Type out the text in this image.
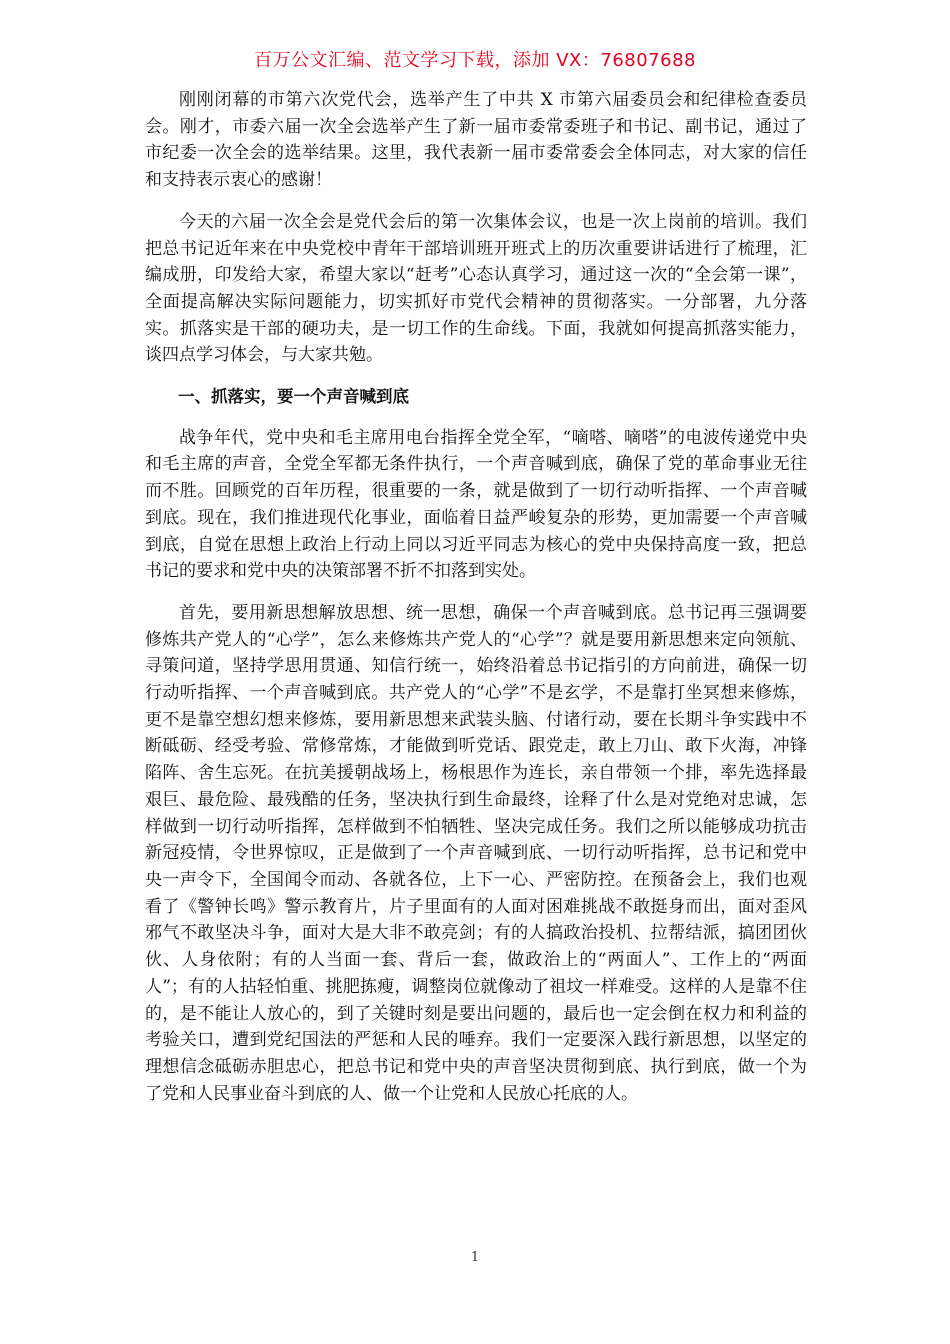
百万公文汇编、范文学习下载，添加 VX：76807688

刚刚闭幕的市第六次党代会，选举产生了中共 X 市第六届委员会和纪律检查委员会。刚才，市委六届一次全会选举产生了新一届市委常委班子和书记、副书记，通过了市纪委一次全会的选举结果。这里，我代表新一届市委常委会全体同志，对大家的信任和支持表示衷心的感谢！

今天的六届一次全会是党代会后的第一次集体会议，也是一次上岗前的培训。我们把总书记近年来在中央党校中青年干部培训班开班式上的历次重要讲话进行了梳理，汇编成册，印发给大家，希望大家以“赶考”心态认真学习，通过这一次的“全会第一课”，全面提高解决实际问题能力，切实抓好市党代会精神的贯彻落实。一分部署，九分落实。抓落实是干部的硬功夫，是一切工作的生命线。下面，我就如何提高抓落实能力，谈四点学习体会，与大家共勉。

一、抓落实，要一个声音喊到底

战争年代，党中央和毛主席用电台指挥全党全军，“嘀嗒、嘀嗒”的电波传递党中央和毛主席的声音，全党全军都无条件执行，一个声音喊到底，确保了党的革命事业无往而不胜。回顾党的百年历程，很重要的一条，就是做到了一切行动听指挥、一个声音喊到底。现在，我们推进现代化事业，面临着日益严峻复杂的形势，更加需要一个声音喊到底，自觉在思想上政治上行动上同以习近平同志为核心的党中央保持高度一致，把总书记的要求和党中央的决策部署不折不扣落到实处。

首先，要用新思想解放思想、统一思想，确保一个声音喊到底。总书记再三强调要修炼共产党人的“心学”，怎么来修炼共产党人的“心学”？就是要用新思想来定向领航、寻策问道，坚持学思用贯通、知信行统一，始终沿着总书记指引的方向前进，确保一切行动听指挥、一个声音喊到底。共产党人的“心学”不是玄学，不是靠打坐冥想来修炼，更不是靠空想幻想来修炼，要用新思想来武装头脑、付诸行动，要在长期斗争实践中不断砥砺、经受考验、常修常炼，才能做到听党话、跟党走，敢上刀山、敢下火海，冲锋陷阵、舍生忘死。在抗美援朝战场上，杨根思作为连长，亲自带领一个排，率先选择最艰巨、最危险、最残酷的任务，坚决执行到生命最终，诠释了什么是对党绝对忠诚，怎样做到一切行动听指挥，怎样做到不怕牺牲、坚决完成任务。我们之所以能够成功抗击新冠疫情，令世界惊叹，正是做到了一个声音喊到底、一切行动听指挥，总书记和党中央一声令下，全国闻令而动、各就各位，上下一心、严密防控。在预备会上，我们也观看了《警钟长鸣》警示教育片，片子里面有的人面对困难挑战不敢挺身而出，面对歪风邪气不敢坚决斗争，面对大是大非不敢亮剑；有的人搞政治投机、拉帮结派，搞团团伙伙、人身依附；有的人当面一套、背后一套，做政治上的“两面人”、工作上的“两面人”；有的人拈轻怕重、挑肥拣瘦，调整岗位就像动了祖坟一样难受。这样的人是靠不住的，是不能让人放心的，到了关键时刻是要出问题的，最后也一定会倒在权力和利益的考验关口，遭到党纪国法的严惩和人民的唾弃。我们一定要深入践行新思想，以坚定的理想信念砥砺赤胆忠心，把总书记和党中央的声音坚决贯彻到底、执行到底，做一个为了党和人民事业奋斗到底的人、做一个让党和人民放心托底的人。

1
